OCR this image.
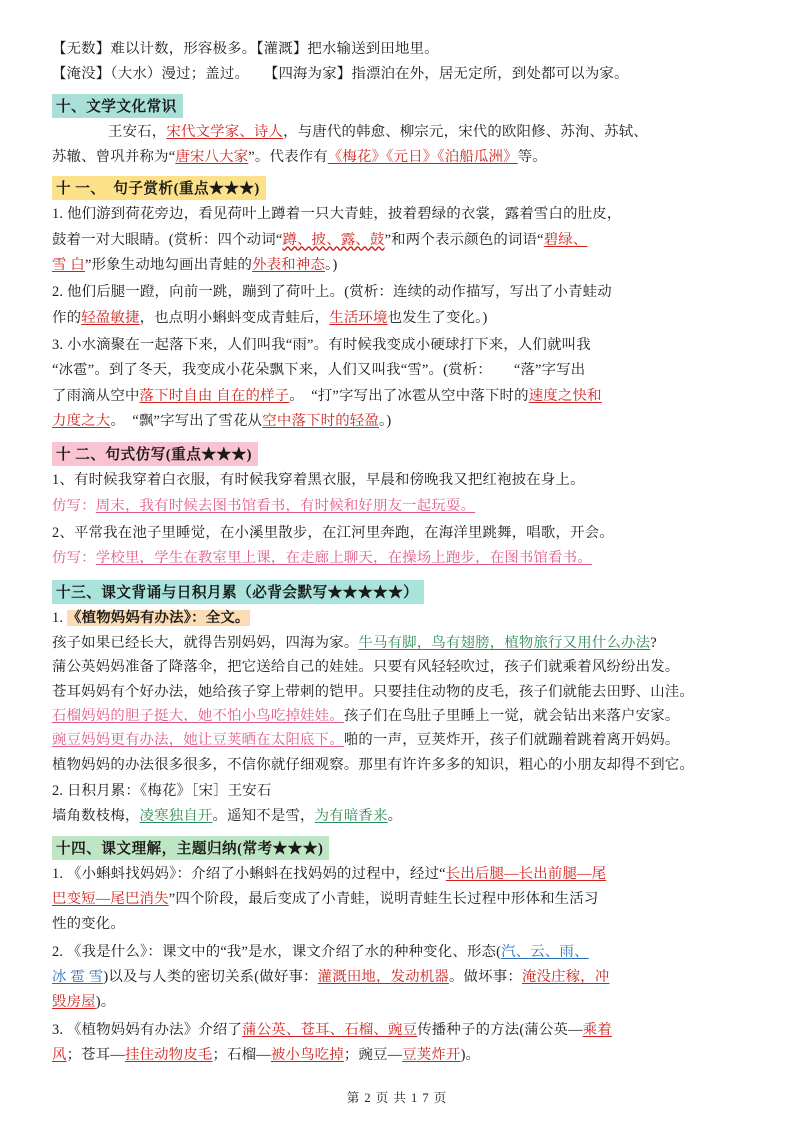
【无数】难以计数，形容极多。【灌溉】把水输送到田地里。
【淹没】（大水）漫过；盖过。　　【四海为家】指漂泊在外，居无定所，到处都可以为家。
十、文学文化常识
王安石，宋代文学家、诗人，与唐代的韩愈、柳宗元，宋代的欧阳修、苏洵、苏轼、
苏辙、曾巩并称为“唐宋八大家”。代表作有《梅花》《元日》《泊船瓜洲》等。
十 一、　句子赏析(重点★★★)
1. 他们游到荷花旁边，看见荷叶上蹲着一只大青蛙，披着碧绿的衣裳，露着雪白的肚皮，
鼓着一对大眼睛。(赏析：四个动词“蹲、披、露、鼓”和两个表示颜色的词语“碧绿、
雪 白”形象生动地勾画出青蛙的外表和神态。)
2. 他们后腿一蹬，向前一跳，蹦到了荷叶上。(赏析：连续的动作描写，写出了小青蛙动
作的轻盈敏捷，也点明小蝌蚪变成青蛙后，生活环境也发生了变化。)
3. 小水滴聚在一起落下来，人们叫我“雨”。有时候我变成小硬球打下来，人们就叫我
“冰雹”。到了冬天，我变成小花朵飘下来，人们又叫我“雪”。(赏析：　　“落”字写出
了雨滴从空中落下时自由 自在的样子。　“打”字写出了冰雹从空中落下时的速度之快和
力度之大。　“飘”字写出了雪花从空中落下时的轻盈。)
十 二、句式仿写(重点★★★)
1、有时候我穿着白衣服，有时候我穿着黑衣服，早晨和傍晚我又把红袍披在身上。
仿写：周末，我有时候去图书馆看书，有时候和好朋友一起玩耍。
2、平常我在池子里睡觉，在小溪里散步，在江河里奔跑，在海洋里跳舞，唱歌，开会。
仿写：学校里，学生在教室里上课，在走廊上聊天，在操场上跑步，在图书馆看书。
十三、课文背诵与日积月累（必背会默写★★★★★）
1. 《植物妈妈有办法》：全文。
孩子如果已经长大，就得告别妈妈，四海为家。牛马有脚，鸟有翅膀，植物旅行又用什么办法?
蒲公英妈妈准备了降落伞，把它送给自己的娃娃。只要有风轻轻吹过，孩子们就乘着风纷纷出发。
苍耳妈妈有个好办法，她给孩子穿上带刺的铠甲。只要挂住动物的皮毛，孩子们就能去田野、山洼。
石榴妈妈的胆子挺大，她不怕小鸟吃掉娃娃。孩子们在鸟肚子里睡上一觉，就会钻出来落户安家。
豌豆妈妈更有办法，她让豆荚晒在太阳底下。啪的一声，豆荚炸开，孩子们就蹦着跳着离开妈妈。
植物妈妈的办法很多很多，不信你就仔细观察。那里有许许多多的知识，粗心的小朋友却得不到它。
2. 日积月累：《梅花》［宋］王安石
墙角数枝梅，凌寒独自开。遥知不是雪，为有暗香来。
十四、课文理解，主题归纳(常考★★★)
1. 《小蝌蚪找妈妈》：介绍了小蝌蚪在找妈妈的过程中，经过“长出后腿—长出前腿—尾
巴变短—尾巴消失”四个阶段，最后变成了小青蛙，说明青蛙生长过程中形体和生活习
性的变化。
2. 《我是什么》：课文中的“我”是水，课文介绍了水的种种变化、形态(汽、云、雨、
冰 雹 雪)以及与人类的密切关系(做好事：灌溉田地，发动机器。做坏事：淹没庄稼，冲
毁房屋)。
3. 《植物妈妈有办法》介绍了蒲公英、苍耳、石榴、豌豆传播种子的方法(蒲公英—乘着
风；苍耳—挂住动物皮毛；石榴—被小鸟吃掉；豌豆—豆荚炸开)。
第 2 页 共 1 7 页
